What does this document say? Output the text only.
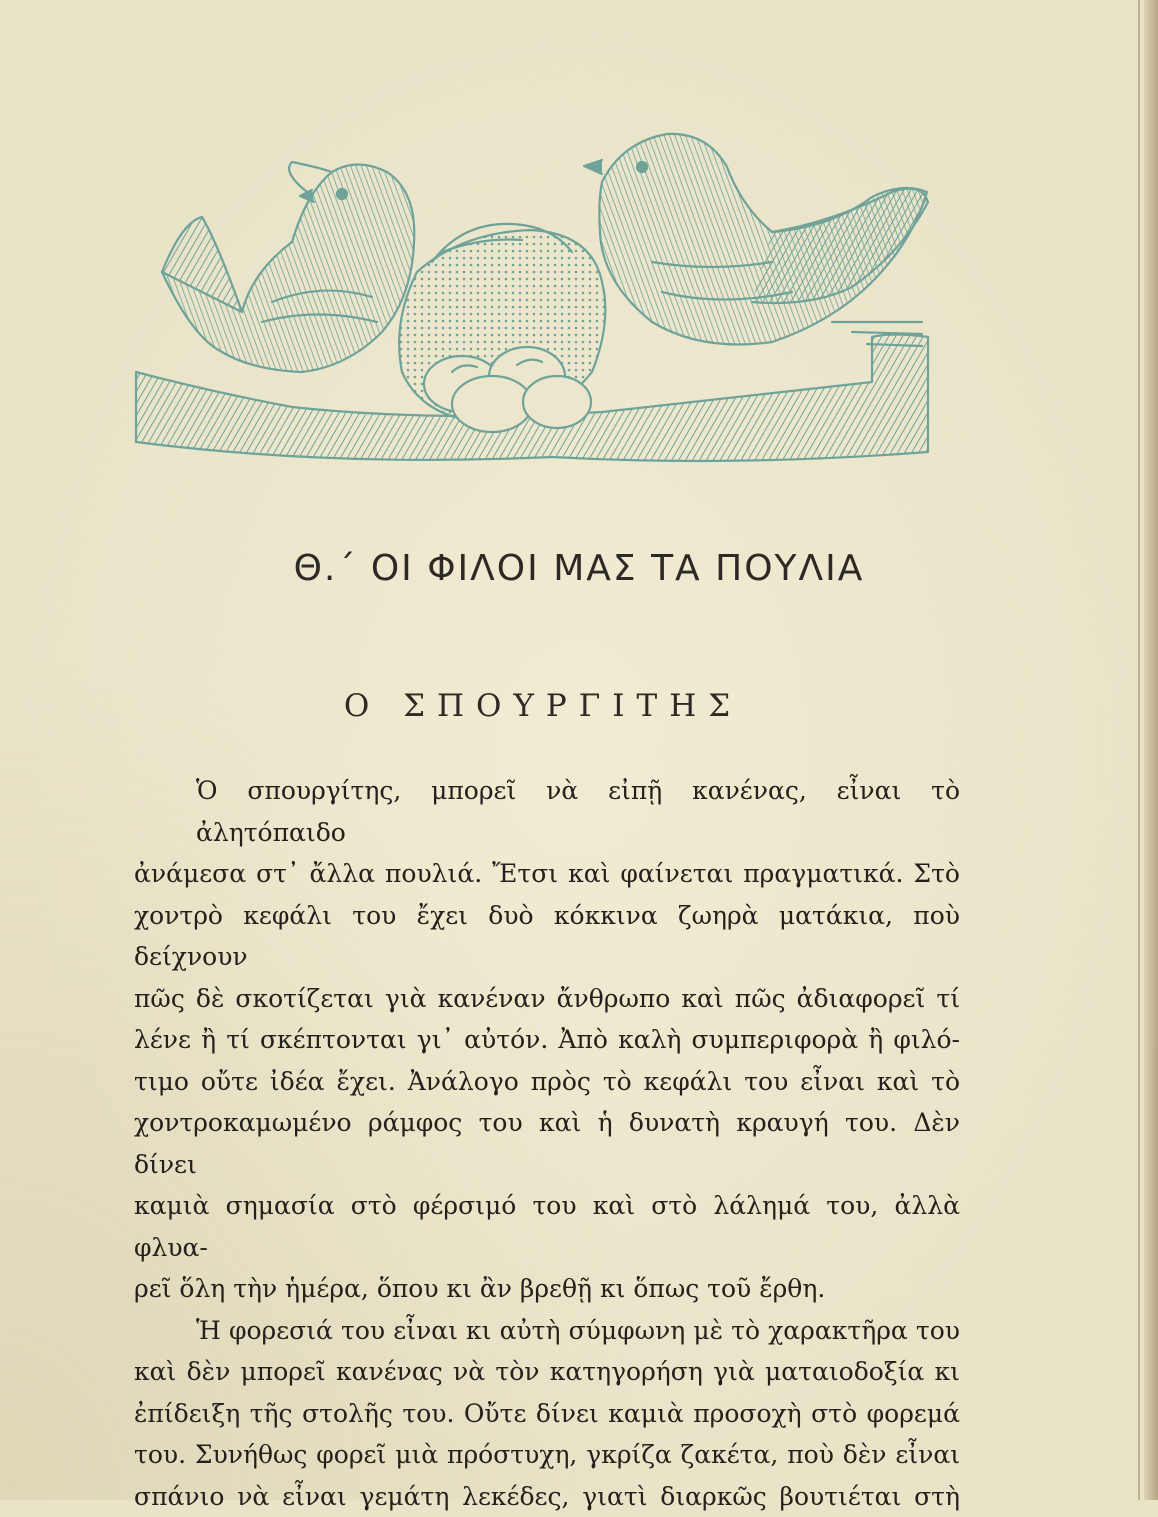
Θ.΄ ΟΙ ΦΙΛΟΙ ΜΑΣ ΤΑ ΠΟΥΛΙΑ
Ο ΣΠΟΥΡΓΙΤΗΣ
Ὁ σπουργίτης, μπορεῖ νὰ εἰπῇ κανένας, εἶναι τὸ ἀλητόπαιδο
ἀνάμεσα στ᾿ ἄλλα πουλιά. Ἔτσι καὶ φαίνεται πραγματικά. Στὸ
χοντρὸ κεφάλι του ἔχει δυὸ κόκκινα ζωηρὰ ματάκια, ποὺ δείχνουν
πῶς δὲ σκοτίζεται γιὰ κανέναν ἄνθρωπο καὶ πῶς ἀδιαφορεῖ τί
λένε ἢ τί σκέπτονται γι᾿ αὐτόν. Ἀπὸ καλὴ συμπεριφορὰ ἢ φιλό-
τιμο οὔτε ἰδέα ἔχει. Ἀνάλογο πρὸς τὸ κεφάλι του εἶναι καὶ τὸ
χοντροκαμωμένο ράμφος του καὶ ἡ δυνατὴ κραυγή του. Δὲν δίνει
καμιὰ σημασία στὸ φέρσιμό του καὶ στὸ λάλημά του, ἀλλὰ φλυα-
ρεῖ ὅλη τὴν ἡμέρα, ὅπου κι ἂν βρεθῇ κι ὅπως τοῦ ἔρθη.
Ἡ φορεσιά του εἶναι κι αὐτὴ σύμφωνη μὲ τὸ χαρακτῆρα του
καὶ δὲν μπορεῖ κανένας νὰ τὸν κατηγορήση γιὰ ματαιοδοξία κι
ἐπίδειξη τῆς στολῆς του. Οὔτε δίνει καμιὰ προσοχὴ στὸ φορεμά
του. Συνήθως φορεῖ μιὰ πρόστυχη, γκρίζα ζακέτα, ποὺ δὲν εἶναι
σπάνιο νὰ εἶναι γεμάτη λεκέδες, γιατὶ διαρκῶς βουτιέται στὴ
